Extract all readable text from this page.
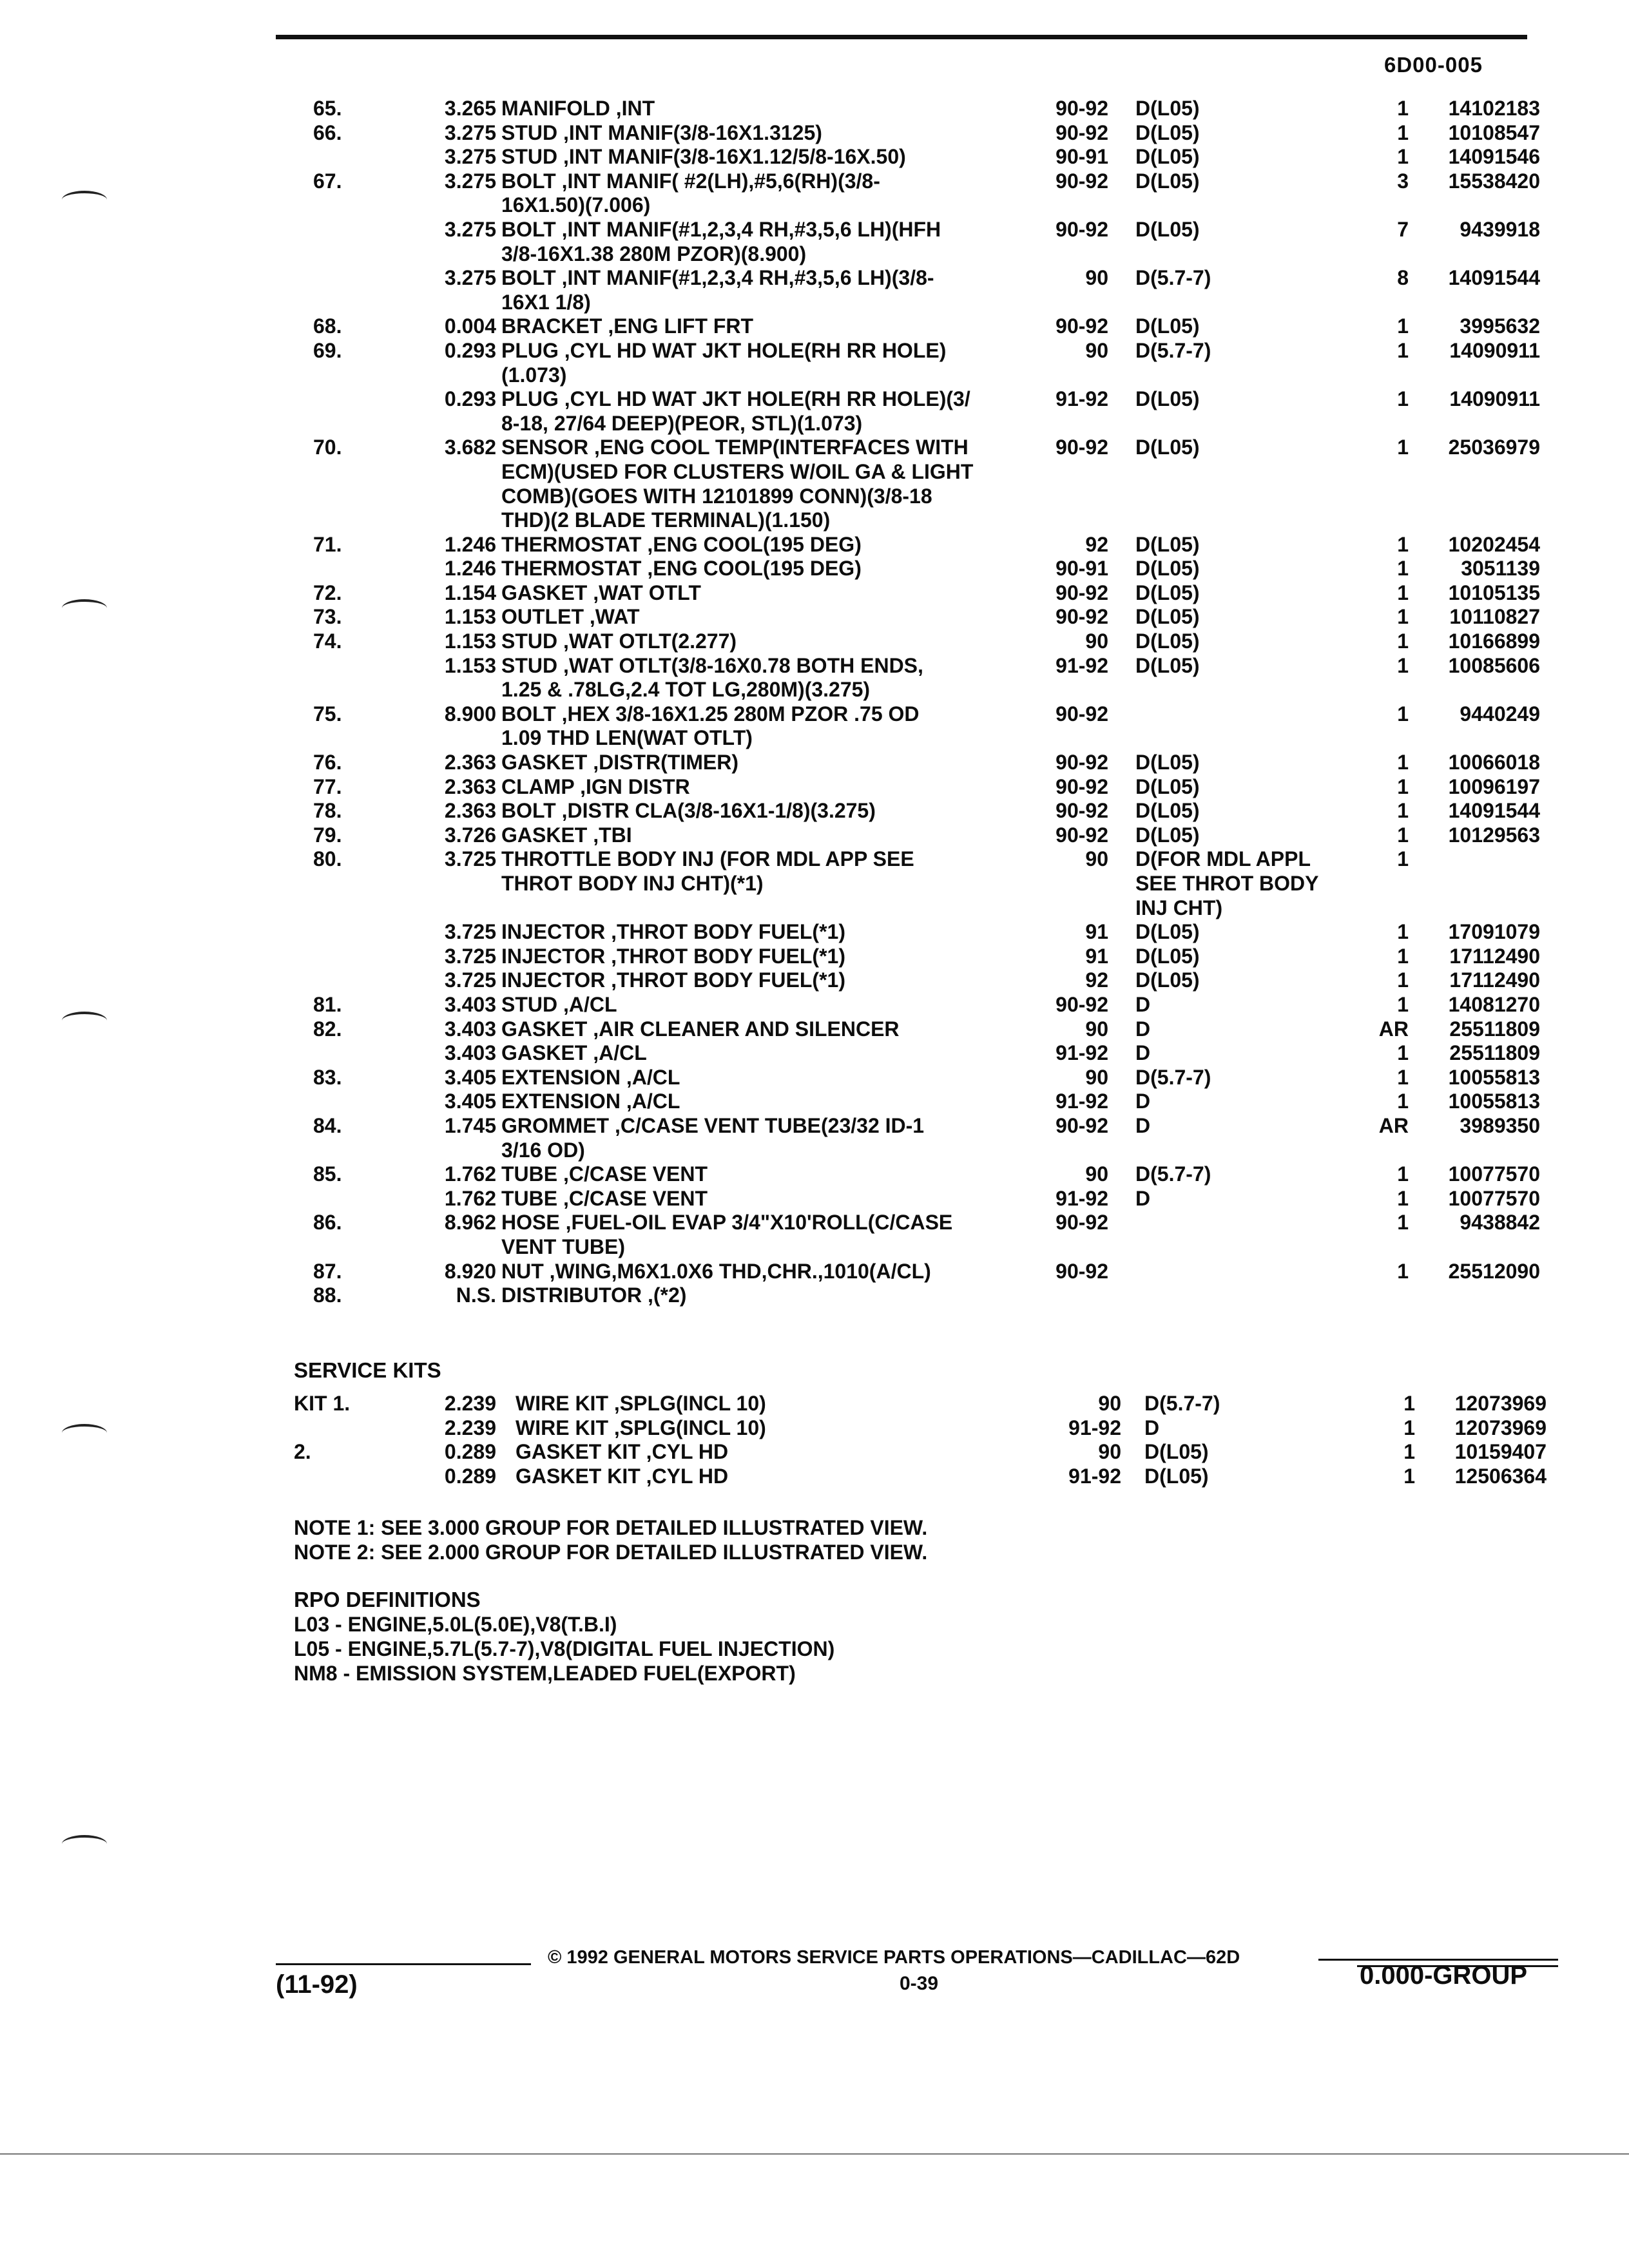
6D00-005
65.	3.265 MANIFOLD ,INT	90-92 D(L05)	1	14102183
66.	3.275 STUD ,INT MANIF(3/8-16X1.3125)	90-92 D(L05)	1	10108547
3.275 STUD ,INT MANIF(3/8-16X1.12/5/8-16X.50)	90-91 D(L05)	1	14091546
67.	3.275 BOLT ,INT MANIF( #2(LH),#5,6(RH)(3/8-	90-92 D(L05)	3	15538420
16X1.50)(7.006)
3.275 BOLT ,INT MANIF(#1,2,3,4 RH,#3,5,6 LH)(HFH	90-92 D(L05)	7	9439918
3/8-16X1.38 280M PZOR)(8.900)
3.275 BOLT ,INT MANIF(#1,2,3,4 RH,#3,5,6 LH)(3/8-	90 D(5.7-7)	8	14091544
16X1 1/8)
68.	0.004 BRACKET ,ENG LIFT FRT	90-92 D(L05)	1	3995632
69.	0.293 PLUG ,CYL HD WAT JKT HOLE(RH RR HOLE)	90 D(5.7-7)	1	14090911
(1.073)
0.293 PLUG ,CYL HD WAT JKT HOLE(RH RR HOLE)(3/	91-92 D(L05)	1	14090911
8-18, 27/64 DEEP)(PEOR, STL)(1.073)
70.	3.682 SENSOR ,ENG COOL TEMP(INTERFACES WITH	90-92 D(L05)	1	25036979
ECM)(USED FOR CLUSTERS W/OIL GA & LIGHT
COMB)(GOES WITH 12101899 CONN)(3/8-18
THD)(2 BLADE TERMINAL)(1.150)
71.	1.246 THERMOSTAT ,ENG COOL(195 DEG)	92 D(L05)	1	10202454
1.246 THERMOSTAT ,ENG COOL(195 DEG)	90-91 D(L05)	1	3051139
72.	1.154 GASKET ,WAT OTLT	90-92 D(L05)	1	10105135
73.	1.153 OUTLET ,WAT	90-92 D(L05)	1	10110827
74.	1.153 STUD ,WAT OTLT(2.277)	90 D(L05)	1	10166899
1.153 STUD ,WAT OTLT(3/8-16X0.78 BOTH ENDS,	91-92 D(L05)	1	10085606
1.25 & .78LG,2.4 TOT LG,280M)(3.275)
75.	8.900 BOLT ,HEX 3/8-16X1.25 280M PZOR .75 OD	90-92	1	9440249
1.09 THD LEN(WAT OTLT)
76.	2.363 GASKET ,DISTR(TIMER)	90-92 D(L05)	1	10066018
77.	2.363 CLAMP ,IGN DISTR	90-92 D(L05)	1	10096197
78.	2.363 BOLT ,DISTR CLA(3/8-16X1-1/8)(3.275)	90-92 D(L05)	1	14091544
79.	3.726 GASKET ,TBI	90-92 D(L05)	1	10129563
80.	3.725 THROTTLE BODY INJ (FOR MDL APP SEE	90 D(FOR MDL APPL	1
THROT BODY INJ CHT)(*1)	SEE THROT BODY
INJ CHT)
3.725 INJECTOR ,THROT BODY FUEL(*1)	91 D(L05)	1	17091079
3.725 INJECTOR ,THROT BODY FUEL(*1)	91 D(L05)	1	17112490
3.725 INJECTOR ,THROT BODY FUEL(*1)	92 D(L05)	1	17112490
81.	3.403 STUD ,A/CL	90-92 D	1	14081270
82.	3.403 GASKET ,AIR CLEANER AND SILENCER	90 D	AR	25511809
3.403 GASKET ,A/CL	91-92 D	1	25511809
83.	3.405 EXTENSION ,A/CL	90 D(5.7-7)	1	10055813
3.405 EXTENSION ,A/CL	91-92 D	1	10055813
84.	1.745 GROMMET ,C/CASE VENT TUBE(23/32 ID-1	90-92 D	AR	3989350
3/16 OD)
85.	1.762 TUBE ,C/CASE VENT	90 D(5.7-7)	1	10077570
1.762 TUBE ,C/CASE VENT	91-92 D	1	10077570
86.	8.962 HOSE ,FUEL-OIL EVAP 3/4"X10'ROLL(C/CASE	90-92	1	9438842
VENT TUBE)
87.	8.920 NUT ,WING,M6X1.0X6 THD,CHR.,1010(A/CL)	90-92	1	25512090
88.	N.S. DISTRIBUTOR ,(*2)
SERVICE KITS
KIT 1.	2.239 WIRE KIT ,SPLG(INCL 10)	90 D(5.7-7)	1	12073969
2.239 WIRE KIT ,SPLG(INCL 10)	91-92 D	1	12073969
2.	0.289 GASKET KIT ,CYL HD	90 D(L05)	1	10159407
0.289 GASKET KIT ,CYL HD	91-92 D(L05)	1	12506364
NOTE 1: SEE 3.000 GROUP FOR DETAILED ILLUSTRATED VIEW.
NOTE 2: SEE 2.000 GROUP FOR DETAILED ILLUSTRATED VIEW.
RPO DEFINITIONS
L03 - ENGINE,5.0L(5.0E),V8(T.B.I)
L05 - ENGINE,5.7L(5.7-7),V8(DIGITAL FUEL INJECTION)
NM8 - EMISSION SYSTEM,LEADED FUEL(EXPORT)
© 1992 GENERAL MOTORS SERVICE PARTS OPERATIONS—CADILLAC—62D
0-39
(11-92)	0.000-GROUP
